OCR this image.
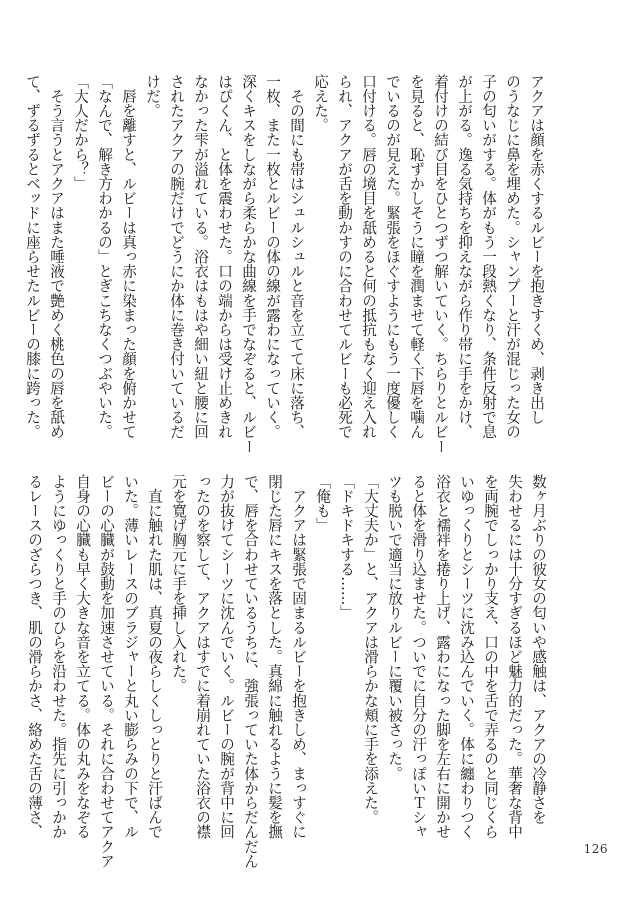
アクアは顔を赤くするルビーを抱きすくめ、剥き出し
のうなじに鼻を埋めた。シャンプーと汗が混じった女の
子の匂いがする。体がもう一段熱くなり、条件反射で息
が上がる。逸る気持ちを抑えながら作り帯に手をかけ、
着付けの結び目をひとつずつ解いていく。ちらりとルビー
を見ると、恥ずかしそうに瞳を潤ませて軽く下唇を噛ん
でいるのが見えた。緊張をほぐすようにもう一度優しく
口付ける。唇の境目を舐めると何の抵抗もなく迎え入れ
られ、アクアが舌を動かすのに合わせてルビーも必死で
応えた。
　その間にも帯はシュルシュルと音を立てて床に落ち、
一枚、また一枚とルビーの体の線が露わになっていく。
深くキスをしながら柔らかな曲線を手でなぞると、ルビー
はぴくん、と体を震わせた。口の端からは受け止めきれ
なかった雫が溢れている。浴衣はもはや細い紐と腰に回
されたアクアの腕だけでどうにか体に巻き付いているだ
けだ。
　唇を離すと、ルビーは真っ赤に染まった顔を俯かせて
「なんで、解き方わかるの」とぎこちなくつぶやいた。
「大人だから？」
　そう言うとアクアはまた唾液で艶めく桃色の唇を舐め
て、ずるずるとベッドに座らせたルビーの膝に跨った。
数ヶ月ぶりの彼女の匂いや感触は、アクアの冷静さを
失わせるには十分すぎるほど魅力的だった。華奢な背中
を両腕でしっかり支え、口の中を舌で弄るのと同じくら
いゆっくりとシーツに沈み込んでいく。体に纏わりつく
浴衣と襦袢を捲り上げ、露わになった脚を左右に開かせ
ると体を滑り込ませた。ついでに自分の汗っぽいＴシャ
ツも脱いで適当に放りルビーに覆い被さった。
「大丈夫か」と、アクアは滑らかな頬に手を添えた。
「ドキドキする……」
「俺も」
　アクアは緊張で固まるルビーを抱きしめ、まっすぐに
閉じた唇にキスを落とした。真綿に触れるように髪を撫
で、唇を合わせているうちに、強張っていた体からだんだん
力が抜けてシーツに沈んでいく。ルビーの腕が背中に回
ったのを察して、アクアはすでに着崩れていた浴衣の襟
元を寛げ胸元に手を挿し入れた。
　直に触れた肌は、真夏の夜らしくしっとりと汗ばんで
いた。薄いレースのブラジャーと丸い膨らみの下で、ル
ビーの心臓が鼓動を加速させている。それに合わせてアクア
自身の心臓も早く大きな音を立てる。体の丸みをなぞる
ようにゆっくりと手のひらを沿わせた。指先に引っかか
るレースのざらつき、肌の滑らかさ、絡めた舌の薄さ、
126
